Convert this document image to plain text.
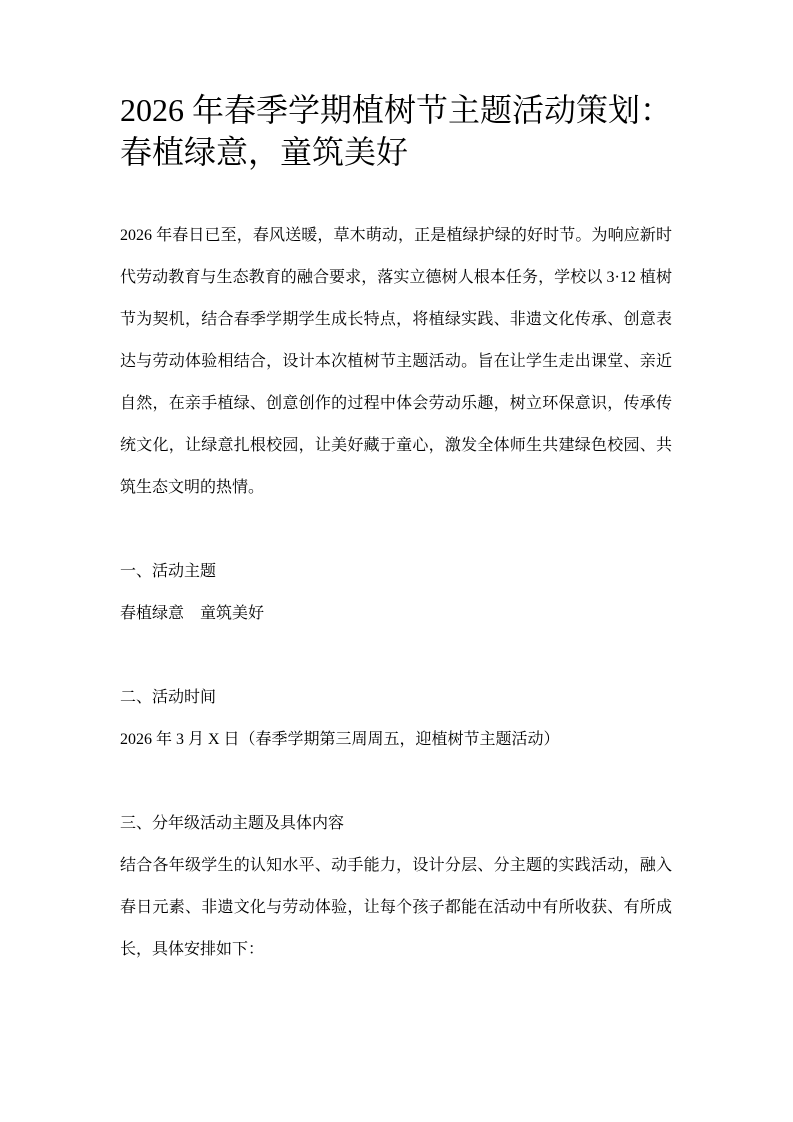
2026 年春季学期植树节主题活动策划：春植绿意，童筑美好

2026 年春日已至，春风送暖，草木萌动，正是植绿护绿的好时节。为响应新时代劳动教育与生态教育的融合要求，落实立德树人根本任务，学校以 3·12 植树节为契机，结合春季学期学生成长特点，将植绿实践、非遗文化传承、创意表达与劳动体验相结合，设计本次植树节主题活动。旨在让学生走出课堂、亲近自然，在亲手植绿、创意创作的过程中体会劳动乐趣，树立环保意识，传承传统文化，让绿意扎根校园，让美好藏于童心，激发全体师生共建绿色校园、共筑生态文明的热情。

一、活动主题

春植绿意　童筑美好

二、活动时间

2026 年 3 月 X 日（春季学期第三周周五，迎植树节主题活动）

三、分年级活动主题及具体内容

结合各年级学生的认知水平、动手能力，设计分层、分主题的实践活动，融入春日元素、非遗文化与劳动体验，让每个孩子都能在活动中有所收获、有所成长，具体安排如下：
